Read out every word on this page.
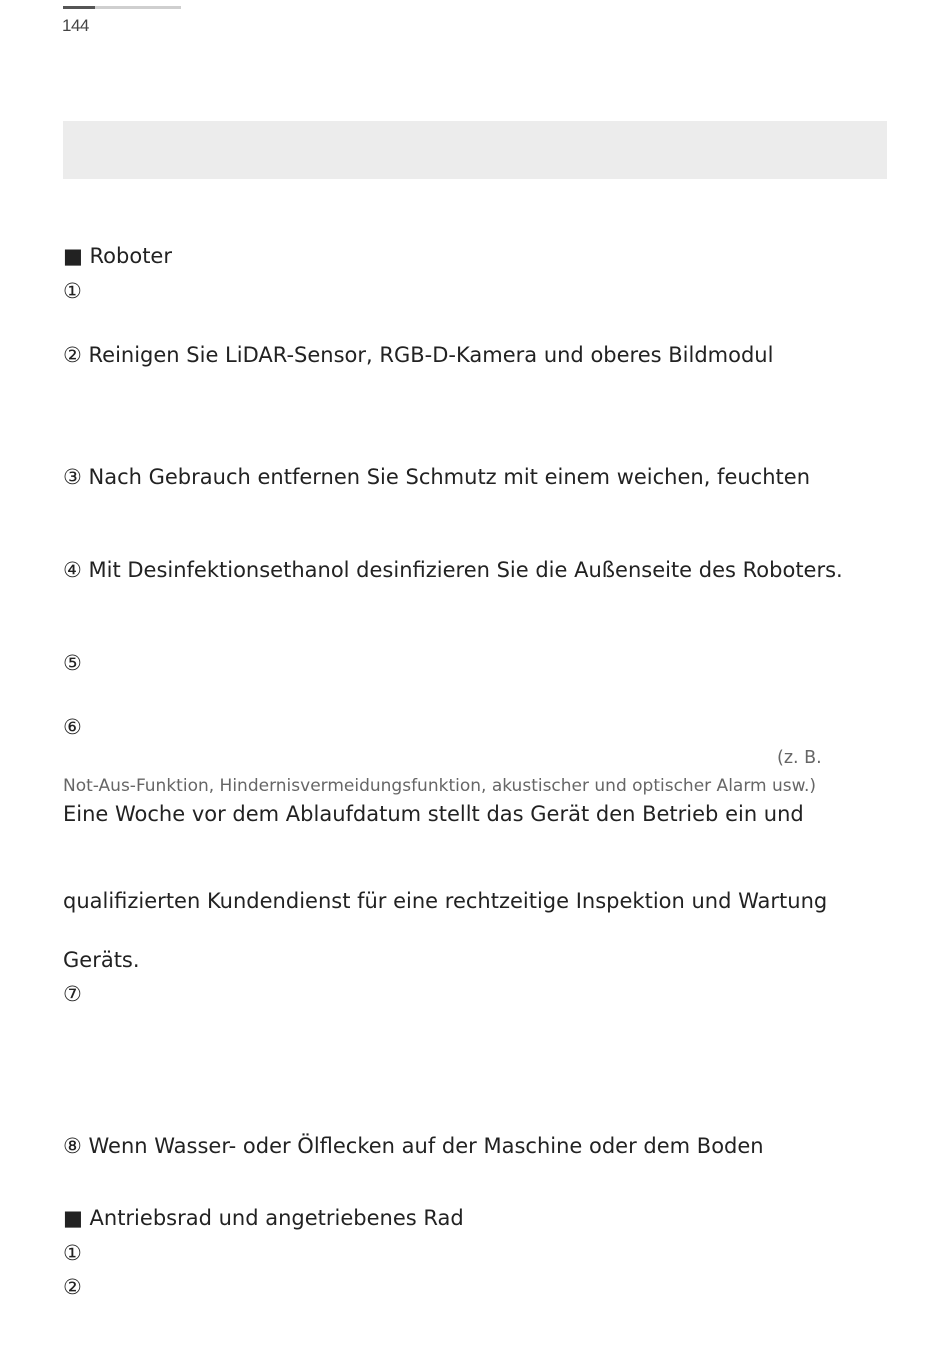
144
■ Roboter
①
② Reinigen Sie LiDAR-Sensor, RGB-D-Kamera und oberes Bildmodul
③ Nach Gebrauch entfernen Sie Schmutz mit einem weichen, feuchten
④ Mit Desinfektionsethanol desinfizieren Sie die Außenseite des Roboters.
⑤
⑥
(z. B.
Not-Aus-Funktion, Hindernisvermeidungsfunktion, akustischer und optischer Alarm usw.)
Eine Woche vor dem Ablaufdatum stellt das Gerät den Betrieb ein und
qualifizierten Kundendienst für eine rechtzeitige Inspektion und Wartung
Geräts.
⑦
⑧ Wenn Wasser- oder Ölflecken auf der Maschine oder dem Boden
■ Antriebsrad und angetriebenes Rad
①
②
